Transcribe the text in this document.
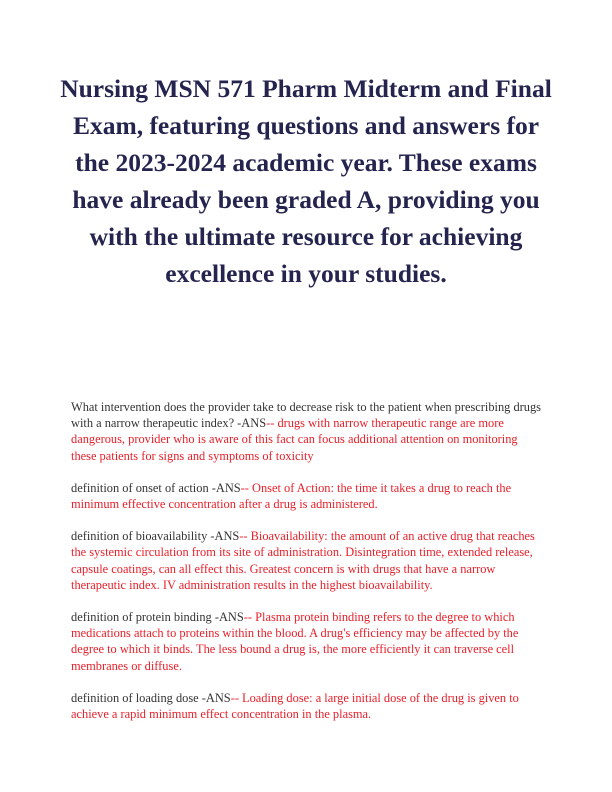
Nursing MSN 571 Pharm Midterm and Final Exam, featuring questions and answers for the 2023-2024 academic year. These exams have already been graded A, providing you with the ultimate resource for achieving excellence in your studies.

What intervention does the provider take to decrease risk to the patient when prescribing drugs with a narrow therapeutic index? -ANS-- drugs with narrow therapeutic range are more dangerous, provider who is aware of this fact can focus additional attention on monitoring these patients for signs and symptoms of toxicity

definition of onset of action -ANS-- Onset of Action: the time it takes a drug to reach the minimum effective concentration after a drug is administered.

definition of bioavailability -ANS-- Bioavailability: the amount of an active drug that reaches the systemic circulation from its site of administration. Disintegration time, extended release, capsule coatings, can all effect this. Greatest concern is with drugs that have a narrow therapeutic index. IV administration results in the highest bioavailability.

definition of protein binding -ANS-- Plasma protein binding refers to the degree to which medications attach to proteins within the blood. A drug's efficiency may be affected by the degree to which it binds. The less bound a drug is, the more efficiently it can traverse cell membranes or diffuse.

definition of loading dose -ANS-- Loading dose: a large initial dose of the drug is given to achieve a rapid minimum effect concentration in the plasma.
